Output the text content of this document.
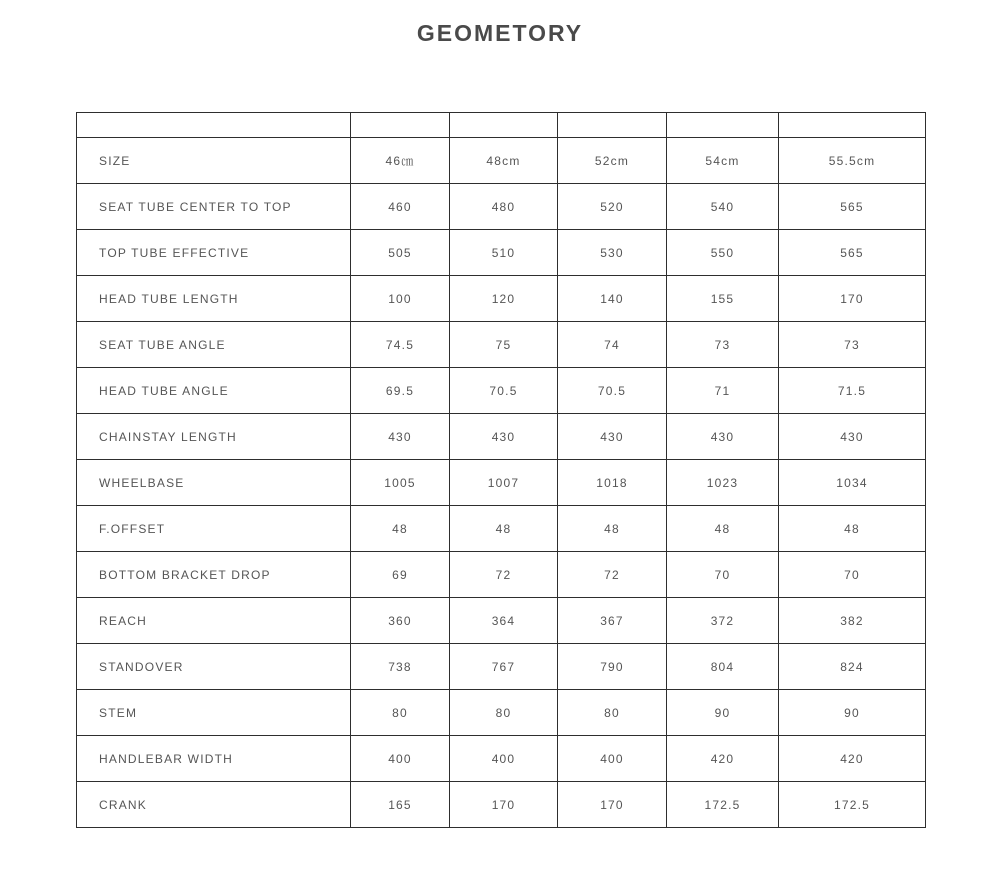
GEOMETORY

SIZE	46㎝	48cm	52cm	54cm	55.5cm
SEAT TUBE CENTER TO TOP	460	480	520	540	565
TOP TUBE EFFECTIVE	505	510	530	550	565
HEAD TUBE LENGTH	100	120	140	155	170
SEAT TUBE ANGLE	74.5	75	74	73	73
HEAD TUBE ANGLE	69.5	70.5	70.5	71	71.5
CHAINSTAY LENGTH	430	430	430	430	430
WHEELBASE	1005	1007	1018	1023	1034
F.OFFSET	48	48	48	48	48
BOTTOM BRACKET DROP	69	72	72	70	70
REACH	360	364	367	372	382
STANDOVER	738	767	790	804	824
STEM	80	80	80	90	90
HANDLEBAR WIDTH	400	400	400	420	420
CRANK	165	170	170	172.5	172.5
